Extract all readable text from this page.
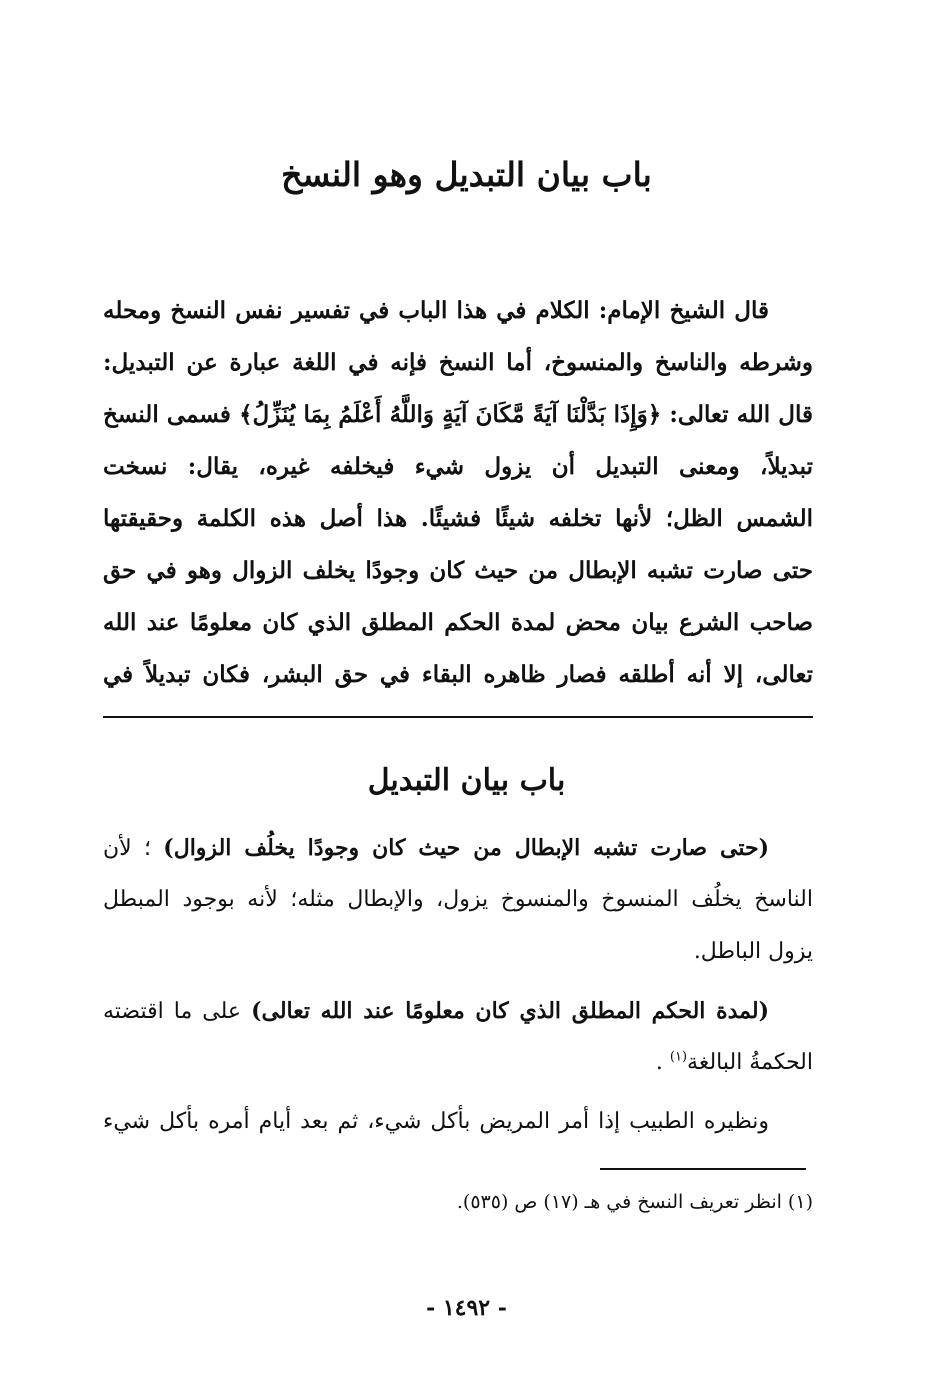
باب بيان التبديل وهو النسخ
قال الشيخ الإمام: الكلام في هذا الباب في تفسير نفس النسخ ومحله
وشرطه والناسخ والمنسوخ، أما النسخ فإنه في اللغة عبارة عن التبديل:
قال الله تعالى: ﴿وَإِذَا بَدَّلْنَا آيَةً مَّكَانَ آيَةٍ وَاللَّهُ أَعْلَمُ بِمَا يُنَزِّلُ﴾ فسمى النسخ
تبديلاً، ومعنى التبديل أن يزول شيء فيخلفه غيره، يقال: نسخت
الشمس الظل؛ لأنها تخلفه شيئًا فشيئًا. هذا أصل هذه الكلمة وحقيقتها
حتى صارت تشبه الإبطال من حيث كان وجودًا يخلف الزوال وهو في حق
صاحب الشرع بيان محض لمدة الحكم المطلق الذي كان معلومًا عند الله
تعالى، إلا أنه أطلقه فصار ظاهره البقاء في حق البشر، فكان تبديلاً في
باب بيان التبديل
(حتى صارت تشبه الإبطال من حيث كان وجودًا يخلُف الزوال) ؛ لأن
الناسخ يخلُف المنسوخ والمنسوخ يزول، والإبطال مثله؛ لأنه بوجود المبطل
يزول الباطل.
(لمدة الحكم المطلق الذي كان معلومًا عند الله تعالى) على ما اقتضته
الحكمةُ البالغة$^{(١)}$ .
ونظيره الطبيب إذا أمر المريض بأكل شيء، ثم بعد أيام أمره بأكل شيء

(١) انظر تعريف النسخ في هـ (١٧) ص (٥٣٥).

- ١٤٩٢ -
